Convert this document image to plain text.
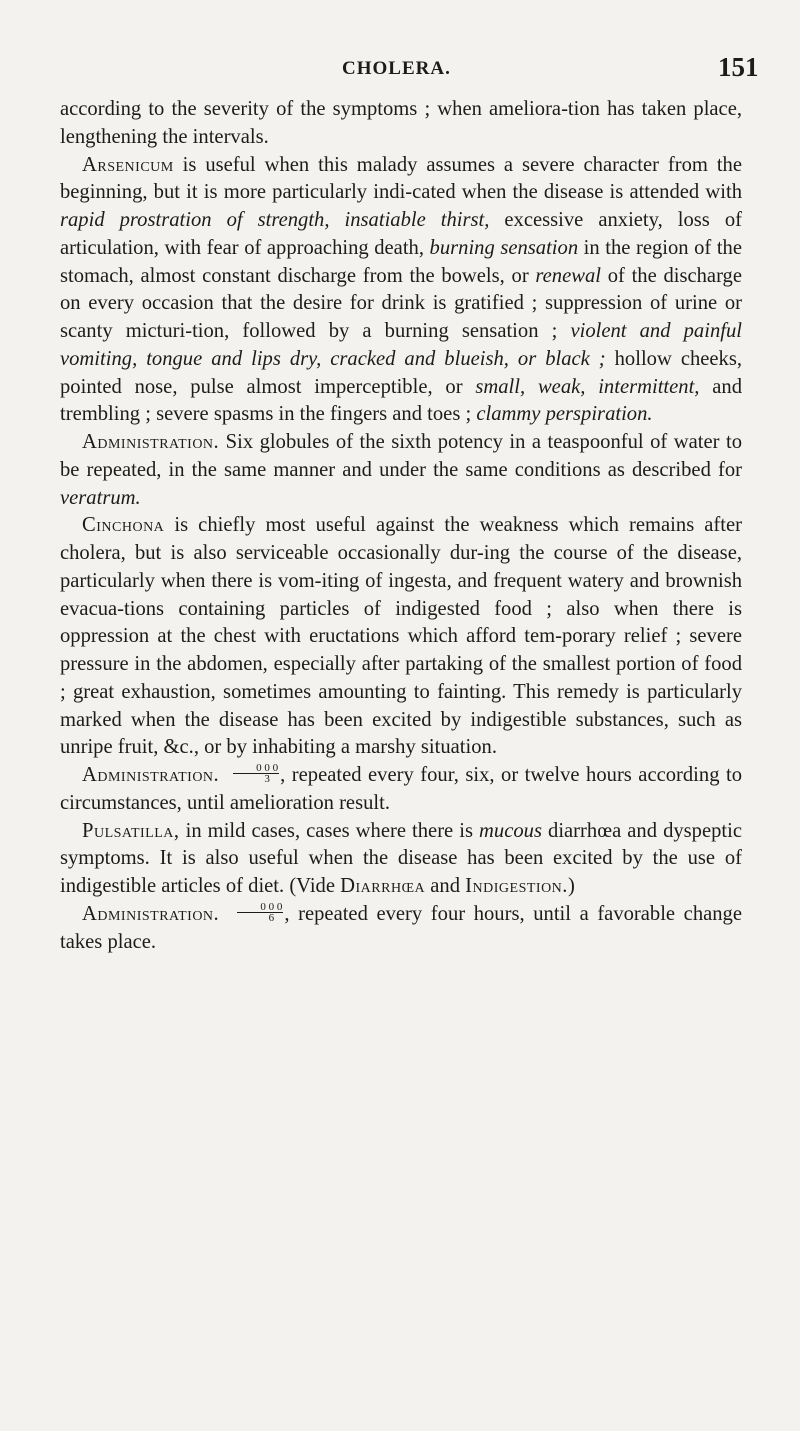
CHOLERA.	151

according to the severity of the symptoms ; when ameliora-tion has taken place, lengthening the intervals.

Arsenicum is useful when this malady assumes a severe character from the beginning, but it is more particularly indi-cated when the disease is attended with rapid prostration of strength, insatiable thirst, excessive anxiety, loss of articulation, with fear of approaching death, burning sensation in the region of the stomach, almost constant discharge from the bowels, or renewal of the discharge on every occasion that the desire for drink is gratified ; suppression of urine or scanty micturi-tion, followed by a burning sensation ; violent and painful vomiting, tongue and lips dry, cracked and blueish, or black ; hollow cheeks, pointed nose, pulse almost imperceptible, or small, weak, intermittent, and trembling ; severe spasms in the fingers and toes ; clammy perspiration.

Administration. Six globules of the sixth potency in a teaspoonful of water to be repeated, in the same manner and under the same conditions as described for veratrum.

Cinchona is chiefly most useful against the weakness which remains after cholera, but is also serviceable occasionally dur-ing the course of the disease, particularly when there is vom-iting of ingesta, and frequent watery and brownish evacua-tions containing particles of indigested food ; also when there is oppression at the chest with eructations which afford tem-porary relief ; severe pressure in the abdomen, especially after partaking of the smallest portion of food ; great exhaustion, sometimes amounting to fainting. This remedy is particularly marked when the disease has been excited by indigestible substances, such as unripe fruit, &c., or by inhabiting a marshy situation.

Administration. $\frac{0 0 0}{3}$ , repeated every four, six, or twelve hours according to circumstances, until amelioration result.

Pulsatilla, in mild cases, cases where there is mucous diarrhœa and dyspeptic symptoms. It is also useful when the disease has been excited by the use of indigestible articles of diet. (Vide Diarrhœa and Indigestion.)

Administration. $\frac{0 0 0}{6}$ , repeated every four hours, until a favorable change takes place.
